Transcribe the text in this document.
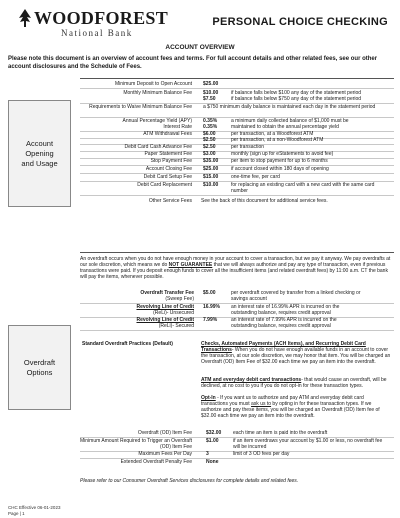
WOODFOREST
National Bank
PERSONAL CHOICE CHECKING
ACCOUNT OVERVIEW
Please note this document is an overview of account fees and terms. For full account details and other related fees, see our other account disclosures and the Schedule of Fees.
Account
Opening
and Usage
Minimum Deposit to Open Account $25.00
Monthly Minimum Balance Fee $10.00	if balance falls below $100 any day of the statement period
$7.50	if balance falls below $750 any day of the statement period
Requirements to Waive Minimum Balance Fee a $750 minimum daily balance is maintained each day in the statement period
Annual Percentage Yield (APY) 0.35%	a minimum daily collected balance of $1,000 must be
Interest Rate 0.35%	maintained to obtain the annual percentage yield
ATM Withdrawal Fees $6.00	per transaction, at a Woodforest ATM
$2.50	per transaction, at a non-Woodforest ATM
Debit Card Cash Advance Fee $2.50	per transaction
Paper Statement Fee $3.00	monthly (sign up for eStatements to avoid fee)
Stop Payment Fee $35.00	per item to stop payment for up to 6 months
Account Closing Fee $25.00	if account closed within 180 days of opening
Debit Card Setup Fee $15.00	one-time fee, per card
Debit Card Replacement $10.00	for replacing an existing card with a new card with the same card number
Other Service Fees See the back of this document for additional service fees.
Overdraft
Options
An overdraft occurs when you do not have enough money in your account to cover a transaction, but we pay it anyway. We pay overdrafts at our sole discretion, which means we do NOT GUARANTEE that we will always authorize and pay any type of transaction, even if previous transactions were paid. If you deposit enough funds to cover all the insufficient items (and related overdraft fees) by 11:00 a.m. CT the bank will pay the items, whenever possible.
Overdraft Transfer Fee
(Sweep Fee)
$5.00	per overdraft covered by transfer from a linked checking or savings account
Revolving Line of Credit
(ReLi)- Unsecured
16.99%	an interest rate of 16.99% APR is incurred on the outstanding balance, requires credit approval
Revolving Line of Credit
(ReLi)- Secured
7.99%	an interest rate of 7.99% APR is incurred on the outstanding balance, requires credit approval
Standard Overdraft Practices (Default)	Checks, Automated Payments (ACH Items), and Recurring Debit Card Transactions- When you do not have enough available funds in an account to cover the transaction, at our sole discretion, we may honor that item. You will be charged an Overdraft (OD) Item Fee of $32.00 each time we pay an item into the overdraft.
ATM and everyday debit card transactions- that would cause an overdraft, will be declined, at no cost to you if you do not opt-in for these transaction types.
Opt-In - If you want us to authorize and pay ATM and everyday debit card transactions you must ask us to by opting in for these transaction types. If we authorize and pay these items, you will be charged an Overdraft (OD) Item fee of $32.00 each time we pay an item into the overdraft.
Overdraft (OD) Item Fee	$32.00	each time an item is paid into the overdraft
Minimum Amount Required to Trigger an Overdraft (OD) Item Fee
$1.00	if an item overdraws your account by $1.00 or less, no overdraft fee will be incurred
Maximum Fees Per Day	3	limit of 3 OD fees per day
Extended Overdraft Penalty Fee	None
Please refer to our Consumer Overdraft Services disclosures for complete details and related fees.
CHC Effective 06-01-2023
Page | 1
